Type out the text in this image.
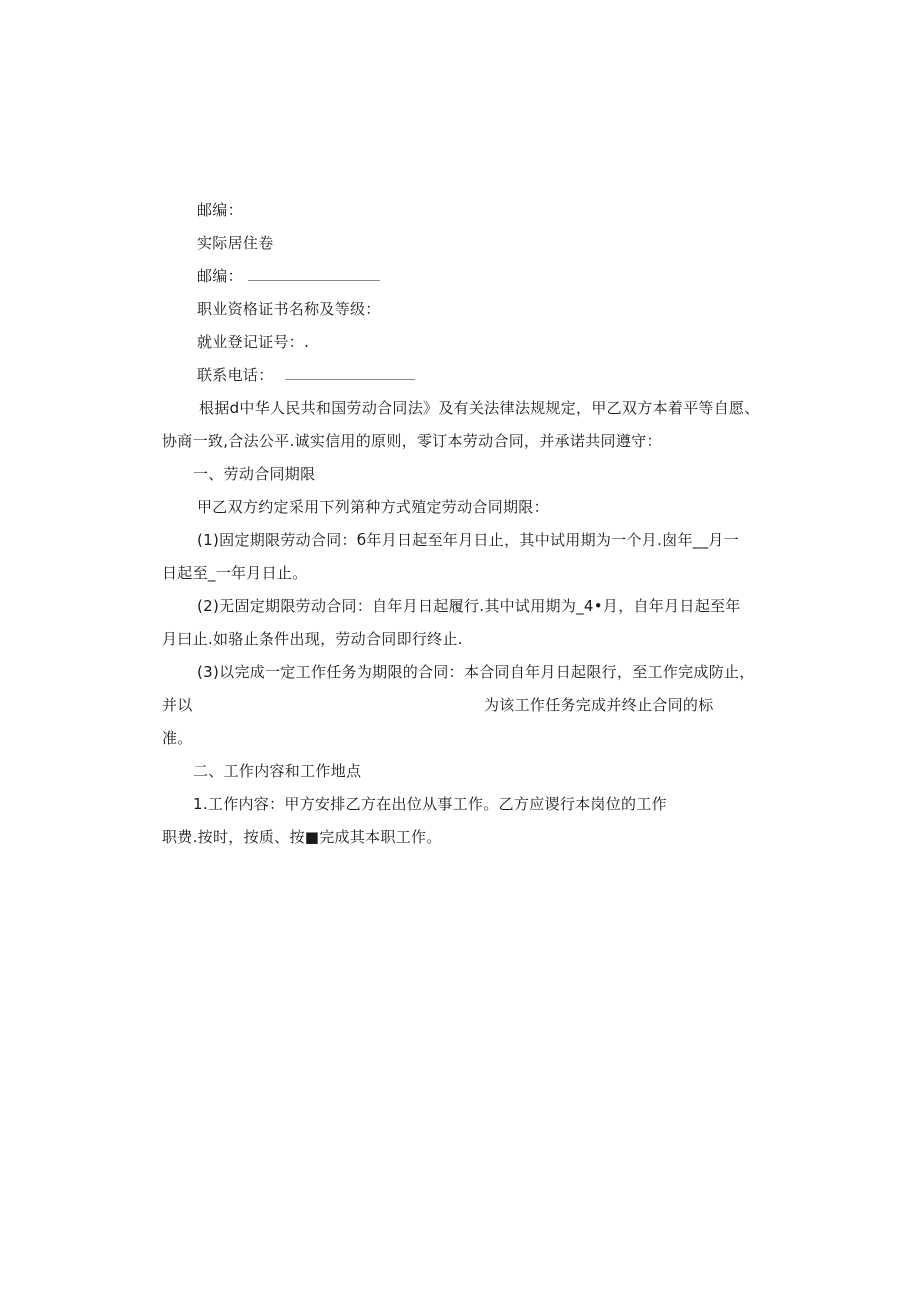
邮编：
实际居住卷
邮编：
职业资格证书名称及等级：
就业登记证号：.
联系电话：
根据d中华人民共和国劳动合同法》及有关法律法规规定，甲乙双方本着平等自愿、
协商一致,合法公平.诚实信用的原则，零订本劳动合同，并承诺共同遵守：
一、劳动合同期限
甲乙双方约定采用下列第种方式殖定劳动合同期限：
(1)固定期限劳动合同：б年月日起至年月日止，其中试用期为一个月.囱年__月一
日起至_一年月日止。
(2)无固定期限劳动合同：自年月日起履行.其中试用期为_4•月，自年月日起至年
月曰止.如骆止条件出现，劳动合同即行终止.
(3)以完成一定工作任务为期限的合同：本合同自年月日起限行，至工作完成防止，
并以	为该工作任务完成并终止合同的标
准。
二、工作内容和工作地点
1.工作内容：甲方安排乙方在出位从事工作。乙方应谡行本岗位的工作
职费.按时，按质、按■完成其本职工作。
